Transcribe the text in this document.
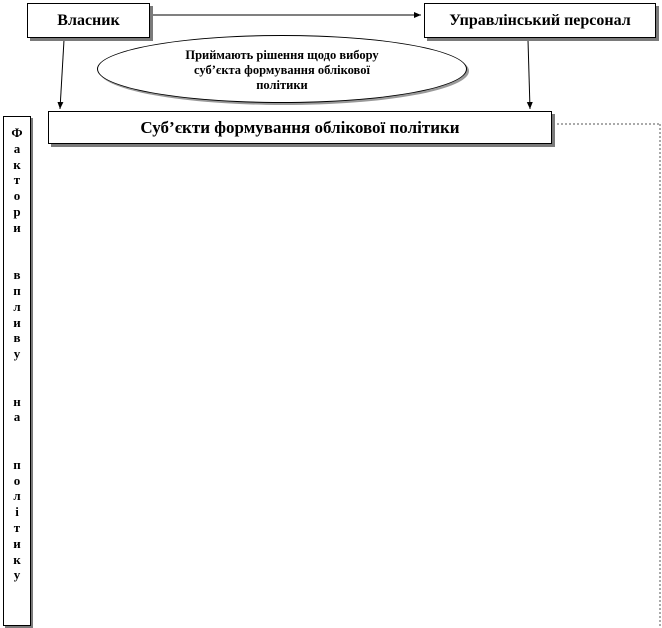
Власник	Управлінський персонал
Приймають рішення щодо вибору
суб’єкта формування облікової
політики
Суб’єкти формування облікової політики
Ф
а
к
т
о
р
и

в
п
л
и
в
у

н
а

п
о
л
і
т
и
к
у
